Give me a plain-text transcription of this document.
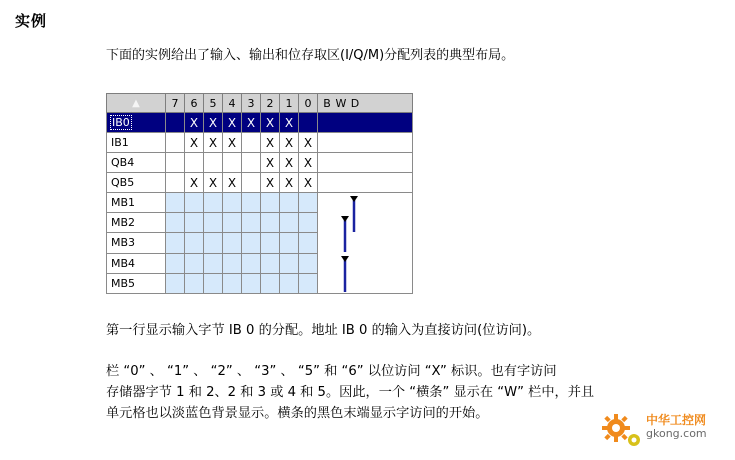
实例
下面的实例给出了输入、输出和位存取区(I/Q/M)分配列表的典型布局。
▲	7	6	5	4	3	2	1	0	B W D
IB0		X	X	X	X	X	X		
IB1		X	X	X		X	X	X	
QB4						X	X	X	
QB5		X	X	X		X	X	X	
MB1									

MB2									
MB3									
MB4									
MB5									
第一行显示输入字节 IB 0 的分配。地址 IB 0 的输入为直接访问(位访问)。
栏 “0” 、 “1” 、 “2” 、 “3” 、 “5” 和 “6” 以位访问 “X” 标识。也有字访问
存储器字节 1 和 2、2 和 3 或 4 和 5。因此，一个 “横条” 显示在 “W” 栏中，并且
单元格也以淡蓝色背景显示。横条的黑色末端显示字访问的开始。	中华工控网
gkong.com
